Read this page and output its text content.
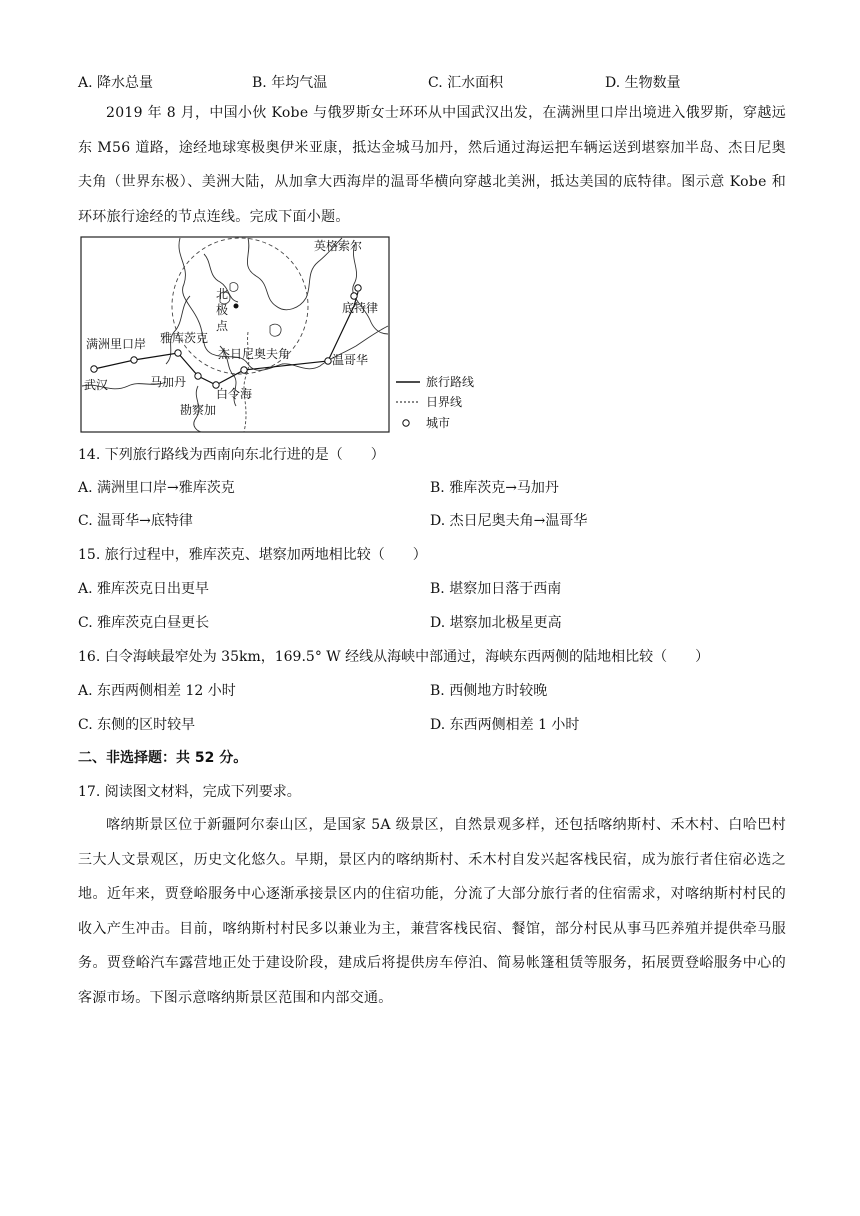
A. 降水总量	B. 年均气温	C. 汇水面积	D. 生物数量
2019 年 8 月，中国小伙 Kobe 与俄罗斯女士环环从中国武汉出发，在满洲里口岸出境进入俄罗斯，穿越远东 M56 道路，途经地球寒极奥伊米亚康，抵达金城马加丹，然后通过海运把车辆运送到堪察加半岛、杰日尼奥夫角（世界东极）、美洲大陆，从加拿大西海岸的温哥华横向穿越北美洲，抵达美国的底特律。图示意 Kobe 和环环旅行途经的节点连线。完成下面小题。
北
极
点
满洲里口岸 雅库茨克
武汉	马加丹
勘察加
杰日尼奥夫角
白令海
温哥华
底特律
英格索尔
旅行路线
日界线
城市
14. 下列旅行路线为西南向东北行进的是（　　）
A. 满洲里口岸→雅库茨克	B. 雅库茨克→马加丹
C. 温哥华→底特律	D. 杰日尼奥夫角→温哥华
15. 旅行过程中，雅库茨克、堪察加两地相比较（　　）
A. 雅库茨克日出更早	B. 堪察加日落于西南
C. 雅库茨克白昼更长	D. 堪察加北极星更高
16. 白令海峡最窄处为 35km，169.5° W 经线从海峡中部通过，海峡东西两侧的陆地相比较（　　）
A. 东西两侧相差 12 小时	B. 西侧地方时较晚
C. 东侧的区时较早	D. 东西两侧相差 1 小时
二、非选择题：共 52 分。
17. 阅读图文材料，完成下列要求。
喀纳斯景区位于新疆阿尔泰山区，是国家 5A 级景区，自然景观多样，还包括喀纳斯村、禾木村、白哈巴村三大人文景观区，历史文化悠久。早期，景区内的喀纳斯村、禾木村自发兴起客栈民宿，成为旅行者住宿必选之地。近年来，贾登峪服务中心逐渐承接景区内的住宿功能，分流了大部分旅行者的住宿需求，对喀纳斯村村民的收入产生冲击。目前，喀纳斯村村民多以兼业为主，兼营客栈民宿、餐馆，部分村民从事马匹养殖并提供牵马服务。贾登峪汽车露营地正处于建设阶段，建成后将提供房车停泊、简易帐篷租赁等服务，拓展贾登峪服务中心的客源市场。下图示意喀纳斯景区范围和内部交通。
